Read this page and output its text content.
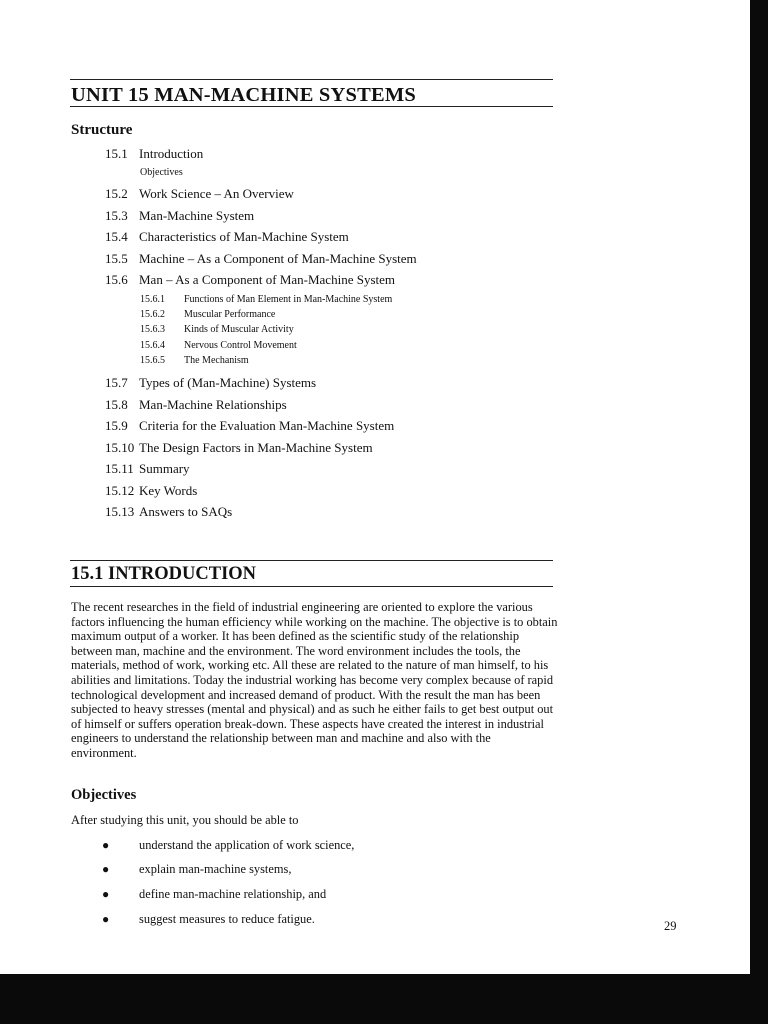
UNIT 15 MAN-MACHINE SYSTEMS
Structure
15.1 Introduction
Objectives
15.2 Work Science – An Overview
15.3 Man-Machine System
15.4 Characteristics of Man-Machine System
15.5 Machine – As a Component of Man-Machine System
15.6 Man – As a Component of Man-Machine System
15.6.1 Functions of Man Element in Man-Machine System
15.6.2 Muscular Performance
15.6.3 Kinds of Muscular Activity
15.6.4 Nervous Control Movement
15.6.5 The Mechanism
15.7 Types of (Man-Machine) Systems
15.8 Man-Machine Relationships
15.9 Criteria for the Evaluation Man-Machine System
15.10 The Design Factors in Man-Machine System
15.11 Summary
15.12 Key Words
15.13 Answers to SAQs
15.1 INTRODUCTION

The recent researches in the field of industrial engineering are oriented to explore the various factors influencing the human efficiency while working on the machine. The objective is to obtain maximum output of a worker. It has been defined as the scientific study of the relationship between man, machine and the environment. The word environment includes the tools, the materials, method of work, working etc. All these are related to the nature of man himself, to his abilities and limitations. Today the industrial working has become very complex because of rapid technological development and increased demand of product. With the result the man has been subjected to heavy stresses (mental and physical) and as such he either fails to get best output out of himself or suffers operation break-down. These aspects have created the interest in industrial engineers to understand the relationship between man and machine and also with the environment.

Objectives

After studying this unit, you should be able to

● understand the application of work science,
● explain man-machine systems,
● define man-machine relationship, and
● suggest measures to reduce fatigue.	29
